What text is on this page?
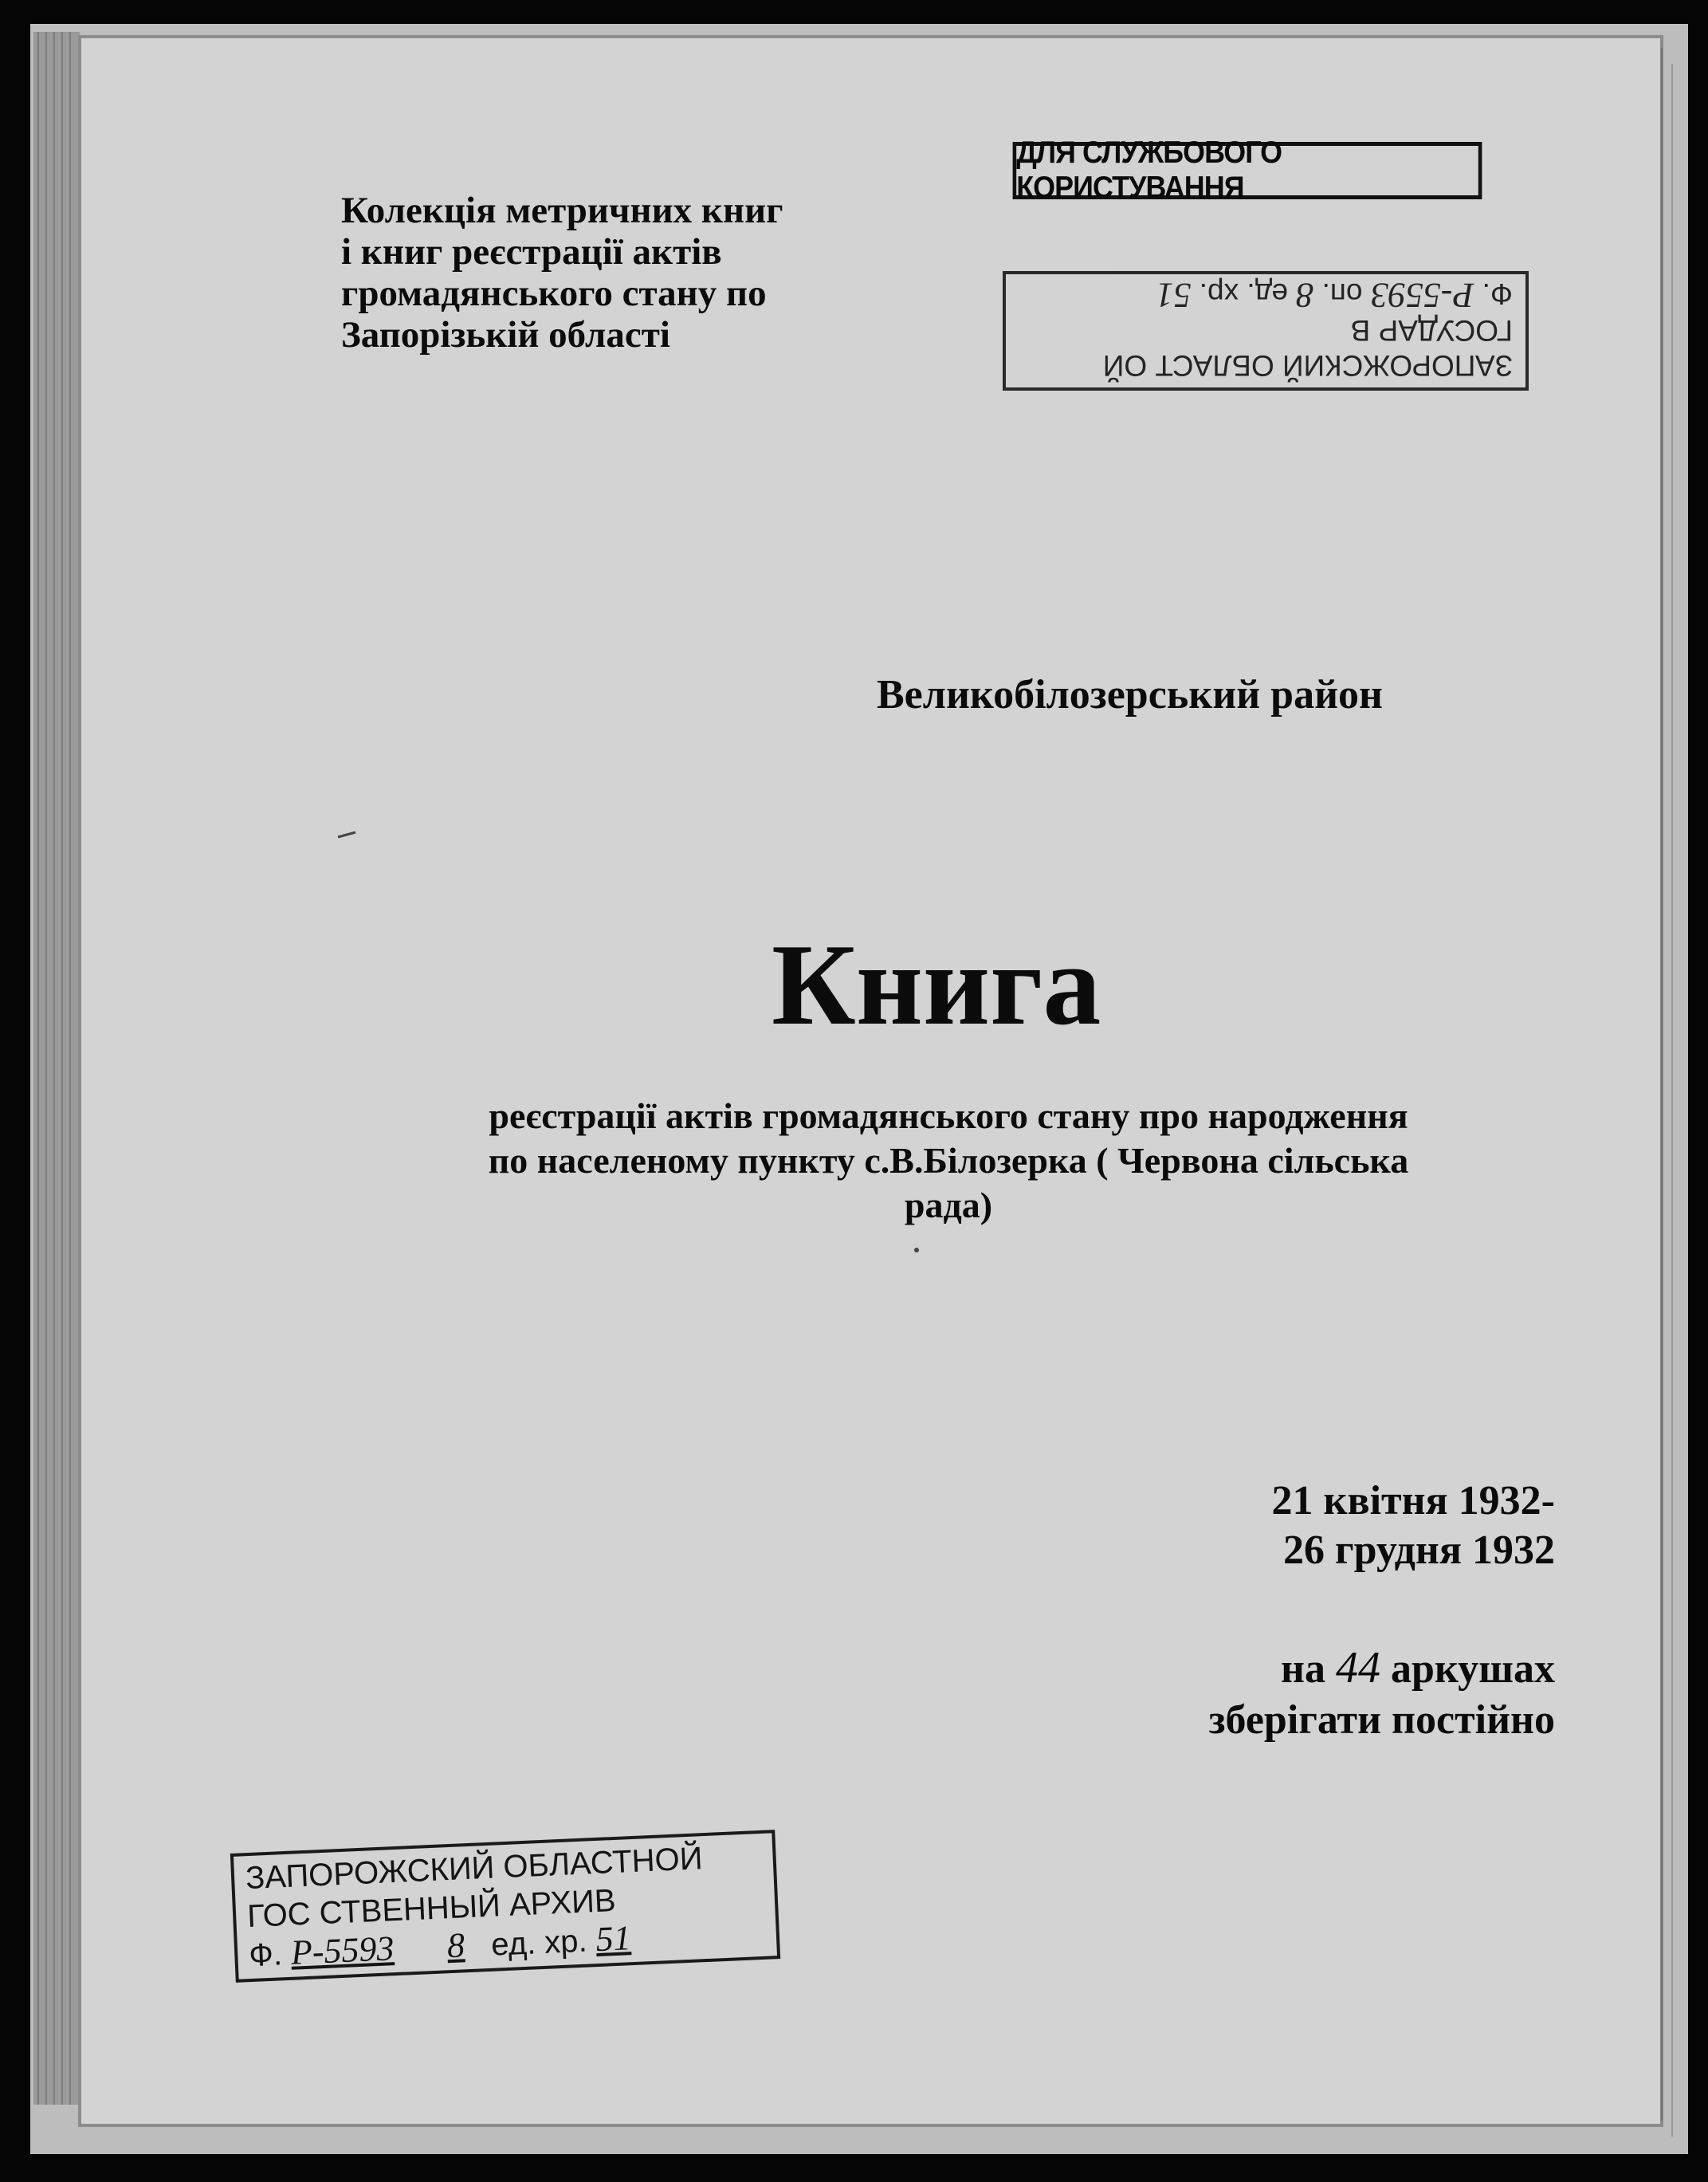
Колекція метричних книг
і книг реєстрації актів
громадянського стану по
Запорізькій області
ДЛЯ СЛУЖБОВОГО КОРИСТУВАННЯ
ЗАПОРОЖСКИЙ ОБЛАСТ ОЙ
ГОСУДАР В
Ф. Р-5593 оп. 8 ед. хр. 51
Великобілозерський район
Книга
реєстрації актів громадянського стану про народження
по населеному пункту с.В.Білозерка ( Червона сільська
рада)
21 квітня 1932-
26 грудня 1932
на 44 аркушах
зберігати постійно
ЗАПОРОЖСКИЙ ОБЛАСТНОЙ
ГОС СТВЕННЫЙ АРХИВ
Ф. Р-5593 8 ед. хр. 51
